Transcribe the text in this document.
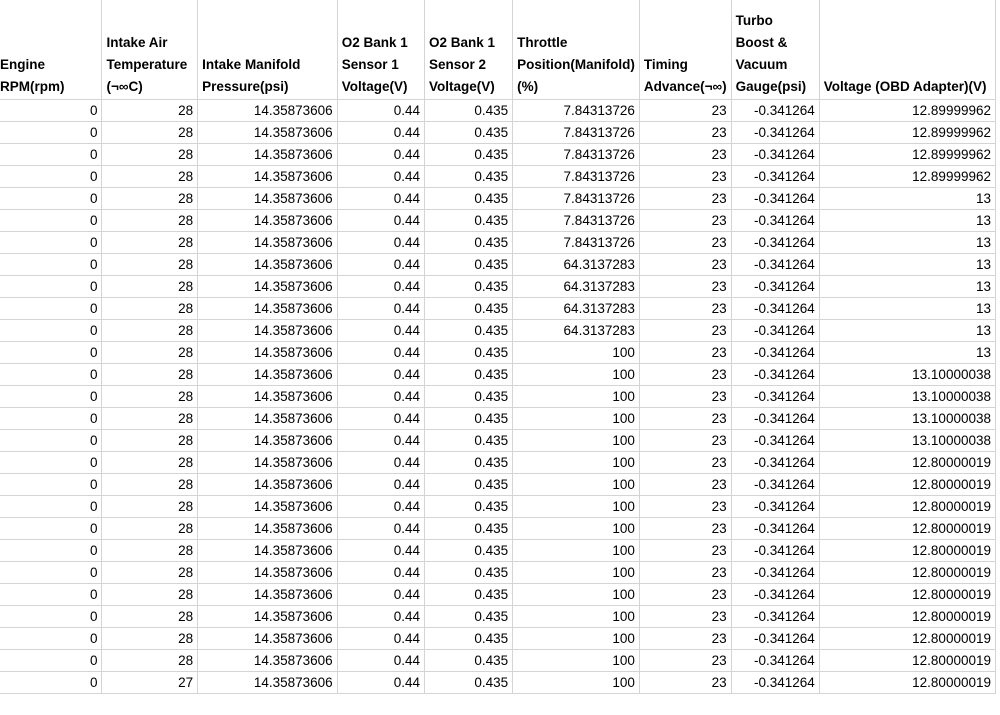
Engine RPM(rpm)	Intake Air Temperature (¬∞C)	Intake Manifold Pressure(psi)	O2 Bank 1 Sensor 1 Voltage(V)	O2 Bank 1 Sensor 2 Voltage(V)	Throttle Position(Manifold)(%)	Timing Advance(¬∞)	Turbo Boost & Vacuum Gauge(psi)	Voltage (OBD Adapter)(V)
0	28	14.35873606	0.44	0.435	7.84313726	23	-0.341264	12.89999962
0	28	14.35873606	0.44	0.435	7.84313726	23	-0.341264	12.89999962
0	28	14.35873606	0.44	0.435	7.84313726	23	-0.341264	12.89999962
0	28	14.35873606	0.44	0.435	7.84313726	23	-0.341264	12.89999962
0	28	14.35873606	0.44	0.435	7.84313726	23	-0.341264	13
0	28	14.35873606	0.44	0.435	7.84313726	23	-0.341264	13
0	28	14.35873606	0.44	0.435	7.84313726	23	-0.341264	13
0	28	14.35873606	0.44	0.435	64.3137283	23	-0.341264	13
0	28	14.35873606	0.44	0.435	64.3137283	23	-0.341264	13
0	28	14.35873606	0.44	0.435	64.3137283	23	-0.341264	13
0	28	14.35873606	0.44	0.435	64.3137283	23	-0.341264	13
0	28	14.35873606	0.44	0.435	100	23	-0.341264	13
0	28	14.35873606	0.44	0.435	100	23	-0.341264	13.10000038
0	28	14.35873606	0.44	0.435	100	23	-0.341264	13.10000038
0	28	14.35873606	0.44	0.435	100	23	-0.341264	13.10000038
0	28	14.35873606	0.44	0.435	100	23	-0.341264	13.10000038
0	28	14.35873606	0.44	0.435	100	23	-0.341264	12.80000019
0	28	14.35873606	0.44	0.435	100	23	-0.341264	12.80000019
0	28	14.35873606	0.44	0.435	100	23	-0.341264	12.80000019
0	28	14.35873606	0.44	0.435	100	23	-0.341264	12.80000019
0	28	14.35873606	0.44	0.435	100	23	-0.341264	12.80000019
0	28	14.35873606	0.44	0.435	100	23	-0.341264	12.80000019
0	28	14.35873606	0.44	0.435	100	23	-0.341264	12.80000019
0	28	14.35873606	0.44	0.435	100	23	-0.341264	12.80000019
0	28	14.35873606	0.44	0.435	100	23	-0.341264	12.80000019
0	28	14.35873606	0.44	0.435	100	23	-0.341264	12.80000019
0	27	14.35873606	0.44	0.435	100	23	-0.341264	12.80000019
